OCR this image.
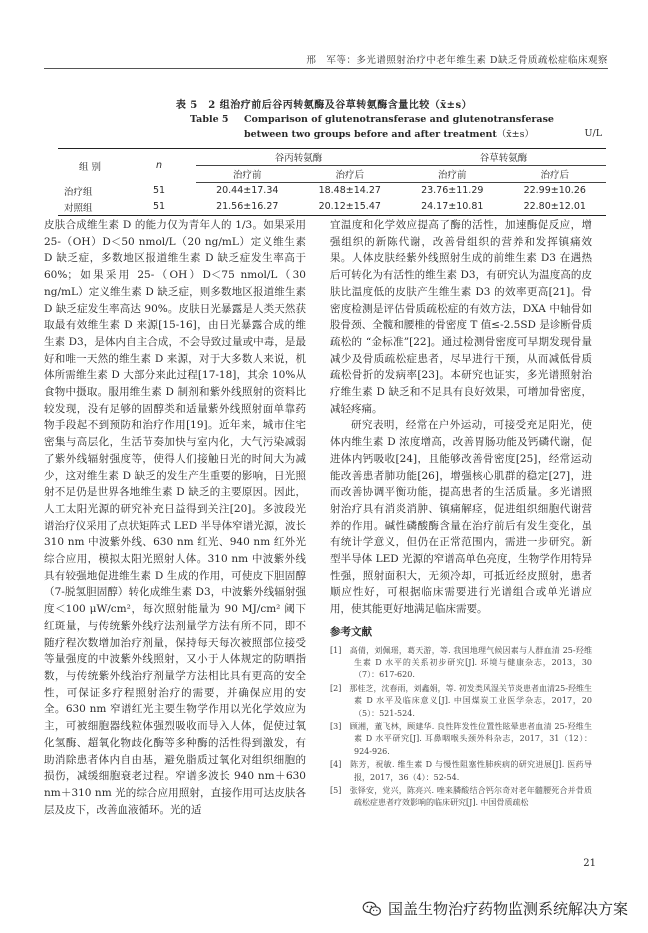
邢　军等：多光谱照射治疗中老年维生素 D缺乏骨质疏松症临床观察
表 5　2 组治疗前后谷丙转氨酶及谷草转氨酶含量比较（x̄±s）
Table 5 Comparison of glutenotransferase and glutenotransferase
between two groups before and after treatment（x̄±s）	U/L
组 别	n	谷丙转氨酶		谷草转氨酶	
		治疗前	治疗后	治疗前	治疗后
治疗组	51	20.44±17.34	18.48±14.27	23.76±11.29	22.99±10.26
对照组	51	21.56±16.27	20.12±15.47	24.17±10.81	22.80±12.01

皮肤合成维生素 D 的能力仅为青年人的 1/3。如果采用 25-（OH）D＜50 nmol/L（20 ng/mL）定义维生素 D 缺乏症，多数地区报道维生素 D 缺乏症发生率高于 60%；如果采用 25-（OH）D＜75 nmol/L（30 ng/mL）定义维生素 D 缺乏症，则多数地区报道维生素 D 缺乏症发生率高达 90%。皮肤日光暴露是人类天然获取最有效维生素 D 来源[15-16]，由日光暴露合成的维生素 D3，是体内自主合成，不会导致过量或中毒，是最好和唯一天然的维生素 D 来源，对于大多数人来说，机体所需维生素 D 大部分来此过程[17-18]，其余 10%从食物中摄取。服用维生素 D 制剂和紫外线照射的资料比较发现，没有足够的固醇类和适量紫外线照射面单靠药物手段起不到预防和治疗作用[19]。近年来，城市住宅密集与高层化，生活节奏加快与室内化，大气污染减弱了紫外线辐射强度等，使得人们接触日光的时间大为减少，这对维生素 D 缺乏的发生产生重要的影响，日光照射不足仍是世界各地维生素 D 缺乏的主要原因。因此，人工太阳光源的研究补充日益得到关注[20]。多波段光谱治疗仪采用了点状矩阵式 LED 半导体窄谱光源，波长 310 nm 中波紫外线、630 nm 红光、940 nm 红外光综合应用，模拟太阳光照射人体。310 nm 中波紫外线具有较强地促进维生素 D 生成的作用，可使皮下胆固醇（7-脱氢胆固醇）转化成维生素 D3，中波紫外线辐射强度＜100 μW/cm²，每次照射能量为 90 MJ/cm² 阈下红斑量，与传统紫外线疗法剂量学方法有所不同，即不随疗程次数增加治疗剂量，保持每天每次被照部位接受等量强度的中波紫外线照射，又小于人体规定的防晒指数，与传统紫外线治疗剂量学方法相比具有更高的安全性，可保证多疗程照射治疗的需要，并确保应用的安全。630 nm 窄谱红光主要生物学作用以光化学效应为主，可被细胞器线粒体强烈吸收而导入人体，促使过氧化氢酶、超氧化物歧化酶等多种酶的活性得到激发，有助消除患者体内自由基，避免脂质过氧化对组织细胞的损伤，减缓细胞衰老过程。窄谱多波长 940 nm＋630 nm＋310 nm 光的综合应用照射，直接作用可达皮肤各层及皮下，改善血液循环。光的适

宜温度和化学效应提高了酶的活性，加速酶促反应，增强组织的新陈代谢，改善骨组织的营养和发挥镇痛效果。人体皮肤经紫外线照射生成的前维生素 D3 在遇热后可转化为有活性的维生素 D3，有研究认为温度高的皮肤比温度低的皮肤产生维生素 D3 的效率更高[21]。骨密度检测是评估骨质疏松症的有效方法，DXA 中轴骨如股骨颈、全髋和腰椎的骨密度 T 值≤-2.5SD 是诊断骨质疏松的 “金标准”[22]。通过检测骨密度可早期发现骨量减少及骨质疏松症患者，尽早进行干预，从而减低骨质疏松骨折的发病率[23]。本研究也证实，多光谱照射治疗维生素 D 缺乏和不足具有良好效果，可增加骨密度，减轻疼痛。

研究表明，经常在户外运动，可接受充足阳光，使体内维生素 D 浓度增高，改善胃肠功能及钙磷代谢，促进体内钙吸收[24]，且能够改善骨密度[25]，经常运动能改善患者肺功能[26]，增强核心肌群的稳定[27]，进而改善协调平衡功能，提高患者的生活质量。多光谱照射治疗具有消炎消肿、镇痛解痉，促进组织细胞代谢营养的作用。碱性磷酸酶含量在治疗前后有发生变化，虽有统计学意义，但仍在正常范围内，需进一步研究。新型半导体 LED 光源的窄谱高单色亮度，生物学作用特异性强，照射面积大，无须冷却，可抵近经皮照射，患者顺应性好，可根据临床需要进行光谱组合或单光谱应用，使其能更好地满足临床需要。

参考文献

[1]　高倩，刘佩瑶，葛天游，等. 我国地理气候因素与人群血清 25-羟维生素 D 水平的关系初步研究[J]. 环境与健康杂志，2013，30（7）：617-620.

[2]　那桂芝，沈春雨，刘鑫娟，等. 初发类风湿关节炎患者血清25-羟维生素 D 水平及临床意义[J]. 中国煤炭工业医学杂志，2017，20（5）：521-524.

[3]　顾湘，董飞林，顾建华. 良性阵发性位置性眩晕患者血清 25-羟维生素 D 水平研究[J]. 耳鼻咽喉头颈外科杂志，2017，31（12）：924-926.

[4]　陈芳，祝敏. 维生素 D 与慢性阻塞性肺疾病的研究进展[J]. 医药导报，2017，36（4）：52-54.

[5]　张铎安，党兴，陈亮兴. 唑来膦酸结合钙尔奇对老年髓腰死合并骨质疏松症患者疗效影响的临床研究[J]. 中国骨质疏松

21
国盖生物治疗药物监测系统解决方案
